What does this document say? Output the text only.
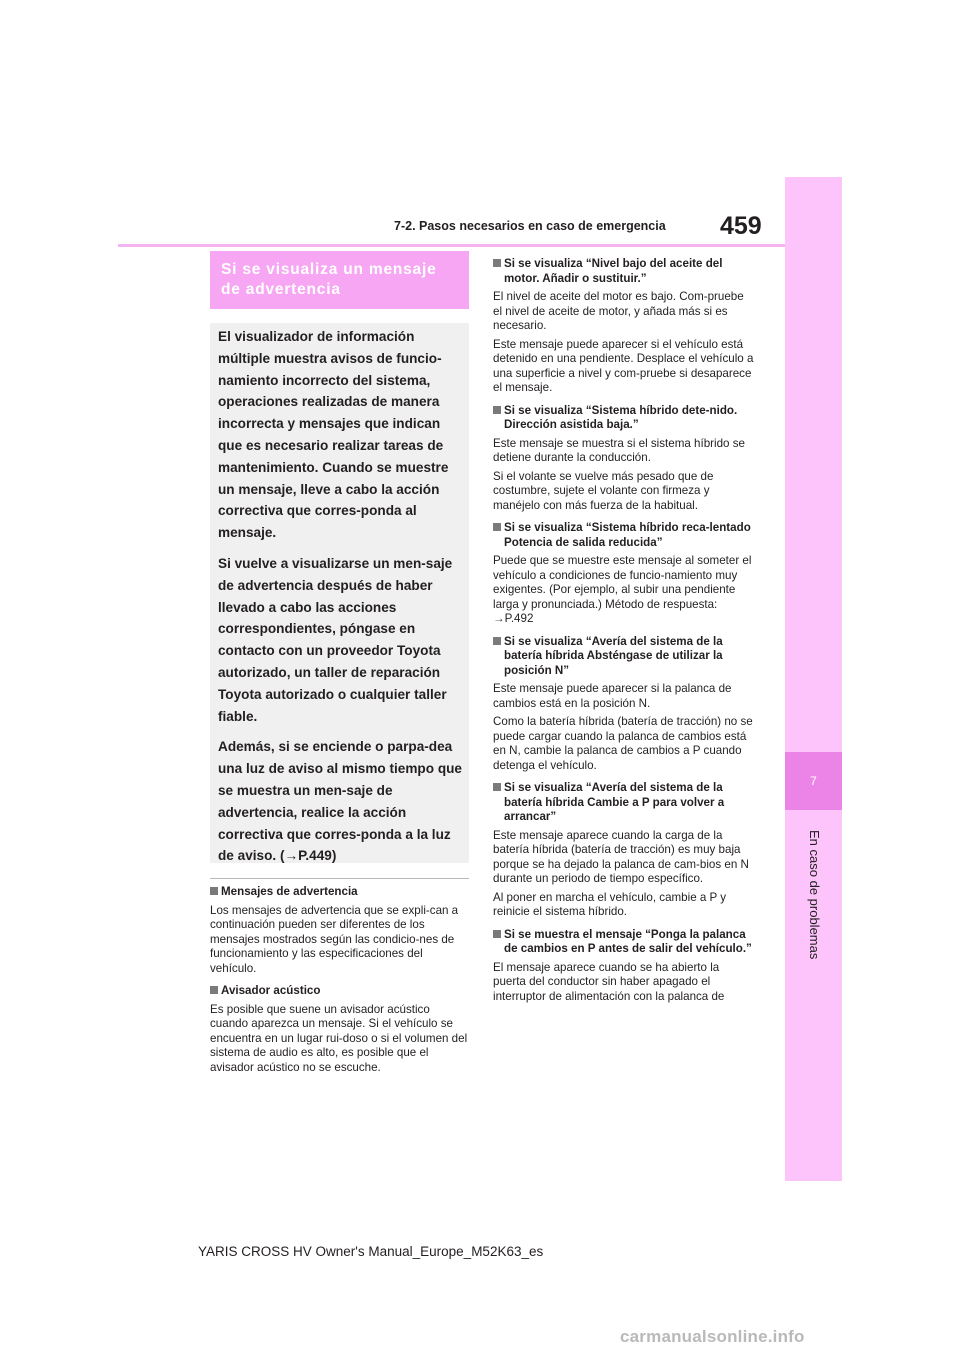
7-2. Pasos necesarios en caso de emergencia 459
7
En caso de problemas
Si se visualiza un mensaje
de advertencia

El visualizador de información múltiple muestra avisos de funcio-namiento incorrecto del sistema, operaciones realizadas de manera incorrecta y mensajes que indican que es necesario realizar tareas de mantenimiento. Cuando se muestre un mensaje, lleve a cabo la acción correctiva que corres-ponda al mensaje.

Si vuelve a visualizarse un men-saje de advertencia después de haber llevado a cabo las acciones correspondientes, póngase en contacto con un proveedor Toyota autorizado, un taller de reparación Toyota autorizado o cualquier taller fiable.

Además, si se enciende o parpa-dea una luz de aviso al mismo tiempo que se muestra un men-saje de advertencia, realice la acción correctiva que corres-ponda a la luz de aviso. (→P.449)

Mensajes de advertencia

Los mensajes de advertencia que se expli-can a continuación pueden ser diferentes de los mensajes mostrados según las condicio-nes de funcionamiento y las especificaciones del vehículo.

Avisador acústico

Es posible que suene un avisador acústico cuando aparezca un mensaje. Si el vehículo se encuentra en un lugar rui-doso o si el volumen del sistema de audio es alto, es posible que el avisador acústico no se escuche.

Si se visualiza “Nivel bajo del aceite del motor. Añadir o sustituir.”

El nivel de aceite del motor es bajo. Com-pruebe el nivel de aceite de motor, y añada más si es necesario.

Este mensaje puede aparecer si el vehículo está detenido en una pendiente. Desplace el vehículo a una superficie a nivel y com-pruebe si desaparece el mensaje.

Si se visualiza “Sistema híbrido dete-nido. Dirección asistida baja.”

Este mensaje se muestra si el sistema híbrido se detiene durante la conducción.

Si el volante se vuelve más pesado que de costumbre, sujete el volante con firmeza y manéjelo con más fuerza de la habitual.

Si se visualiza “Sistema híbrido reca-lentado Potencia de salida reducida”

Puede que se muestre este mensaje al someter el vehículo a condiciones de funcio-namiento muy exigentes. (Por ejemplo, al subir una pendiente larga y pronunciada.) Método de respuesta: →P.492

Si se visualiza “Avería del sistema de la batería híbrida Absténgase de utilizar la posición N”

Este mensaje puede aparecer si la palanca de cambios está en la posición N.

Como la batería híbrida (batería de tracción) no se puede cargar cuando la palanca de cambios está en N, cambie la palanca de cambios a P cuando detenga el vehículo.

Si se visualiza “Avería del sistema de la batería híbrida Cambie a P para volver a arrancar”

Este mensaje aparece cuando la carga de la batería híbrida (batería de tracción) es muy baja porque se ha dejado la palanca de cam-bios en N durante un periodo de tiempo específico.

Al poner en marcha el vehículo, cambie a P y reinicie el sistema híbrido.

Si se muestra el mensaje “Ponga la palanca de cambios en P antes de salir del vehículo.”

El mensaje aparece cuando se ha abierto la puerta del conductor sin haber apagado el interruptor de alimentación con la palanca de

YARIS CROSS HV Owner's Manual_Europe_M52K63_es
carmanualsonline.info
